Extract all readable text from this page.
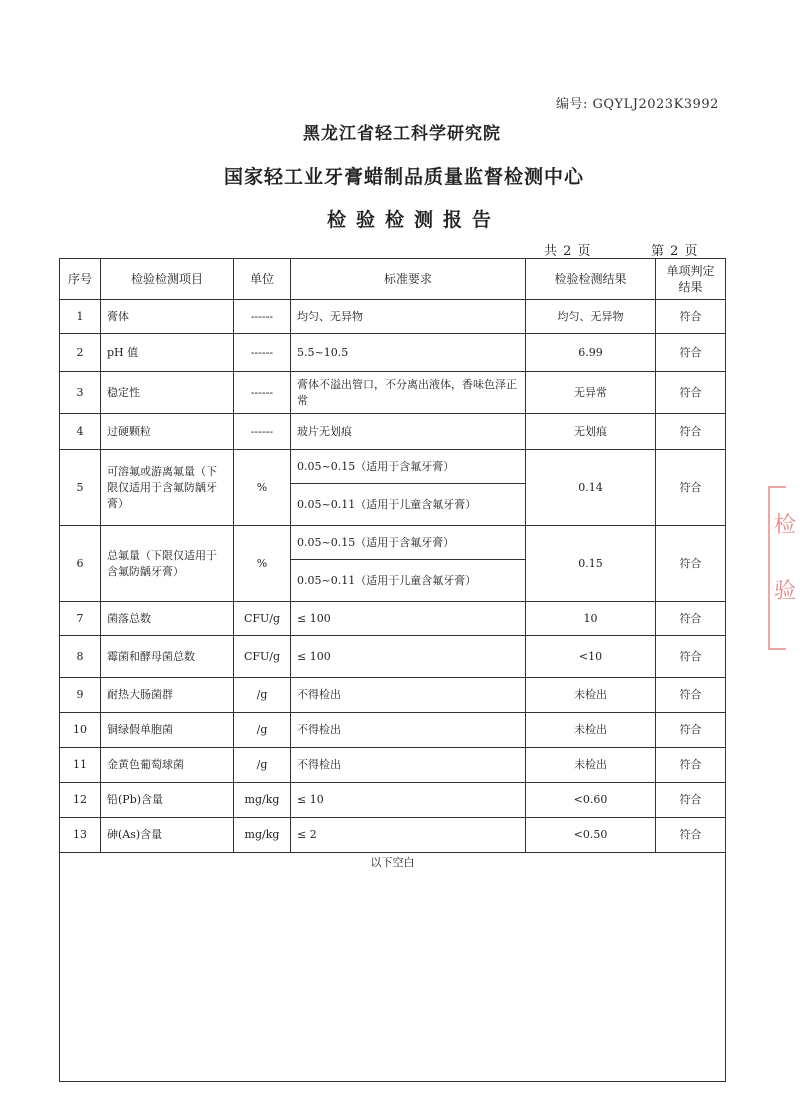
编号: GQYLJ2023K3992
黑龙江省轻工科学研究院
国家轻工业牙膏蜡制品质量监督检测中心
检验检测报告
共 2 页	第 2 页
序号	检验检测项目	单位	标准要求	检验检测结果	单项判定结果
1	膏体	------	均匀、无异物	均匀、无异物	符合
2	pH 值	------	5.5~10.5	6.99	符合
3	稳定性	------	膏体不溢出管口，不分离出液体，香味色泽正常	无异常	符合
4	过硬颗粒	------	玻片无划痕	无划痕	符合
5	可溶氟或游离氟量（下限仅适用于含氟防龋牙膏）	%	0.05~0.15（适用于含氟牙膏）	0.14	符合
			0.05~0.11（适用于儿童含氟牙膏）		
6	总氟量（下限仅适用于含氟防龋牙膏）	%	0.05~0.15（适用于含氟牙膏）	0.15	符合
			0.05~0.11（适用于儿童含氟牙膏）		
7	菌落总数	CFU/g	≤ 100	10	符合
8	霉菌和酵母菌总数	CFU/g	≤ 100	<10	符合
9	耐热大肠菌群	/g	不得检出	未检出	符合
10	铜绿假单胞菌	/g	不得检出	未检出	符合
11	金黄色葡萄球菌	/g	不得检出	未检出	符合
12	铅(Pb)含量	mg/kg	≤ 10	<0.60	符合
13	砷(As)含量	mg/kg	≤ 2	<0.50	符合
以下空白					
检
验
